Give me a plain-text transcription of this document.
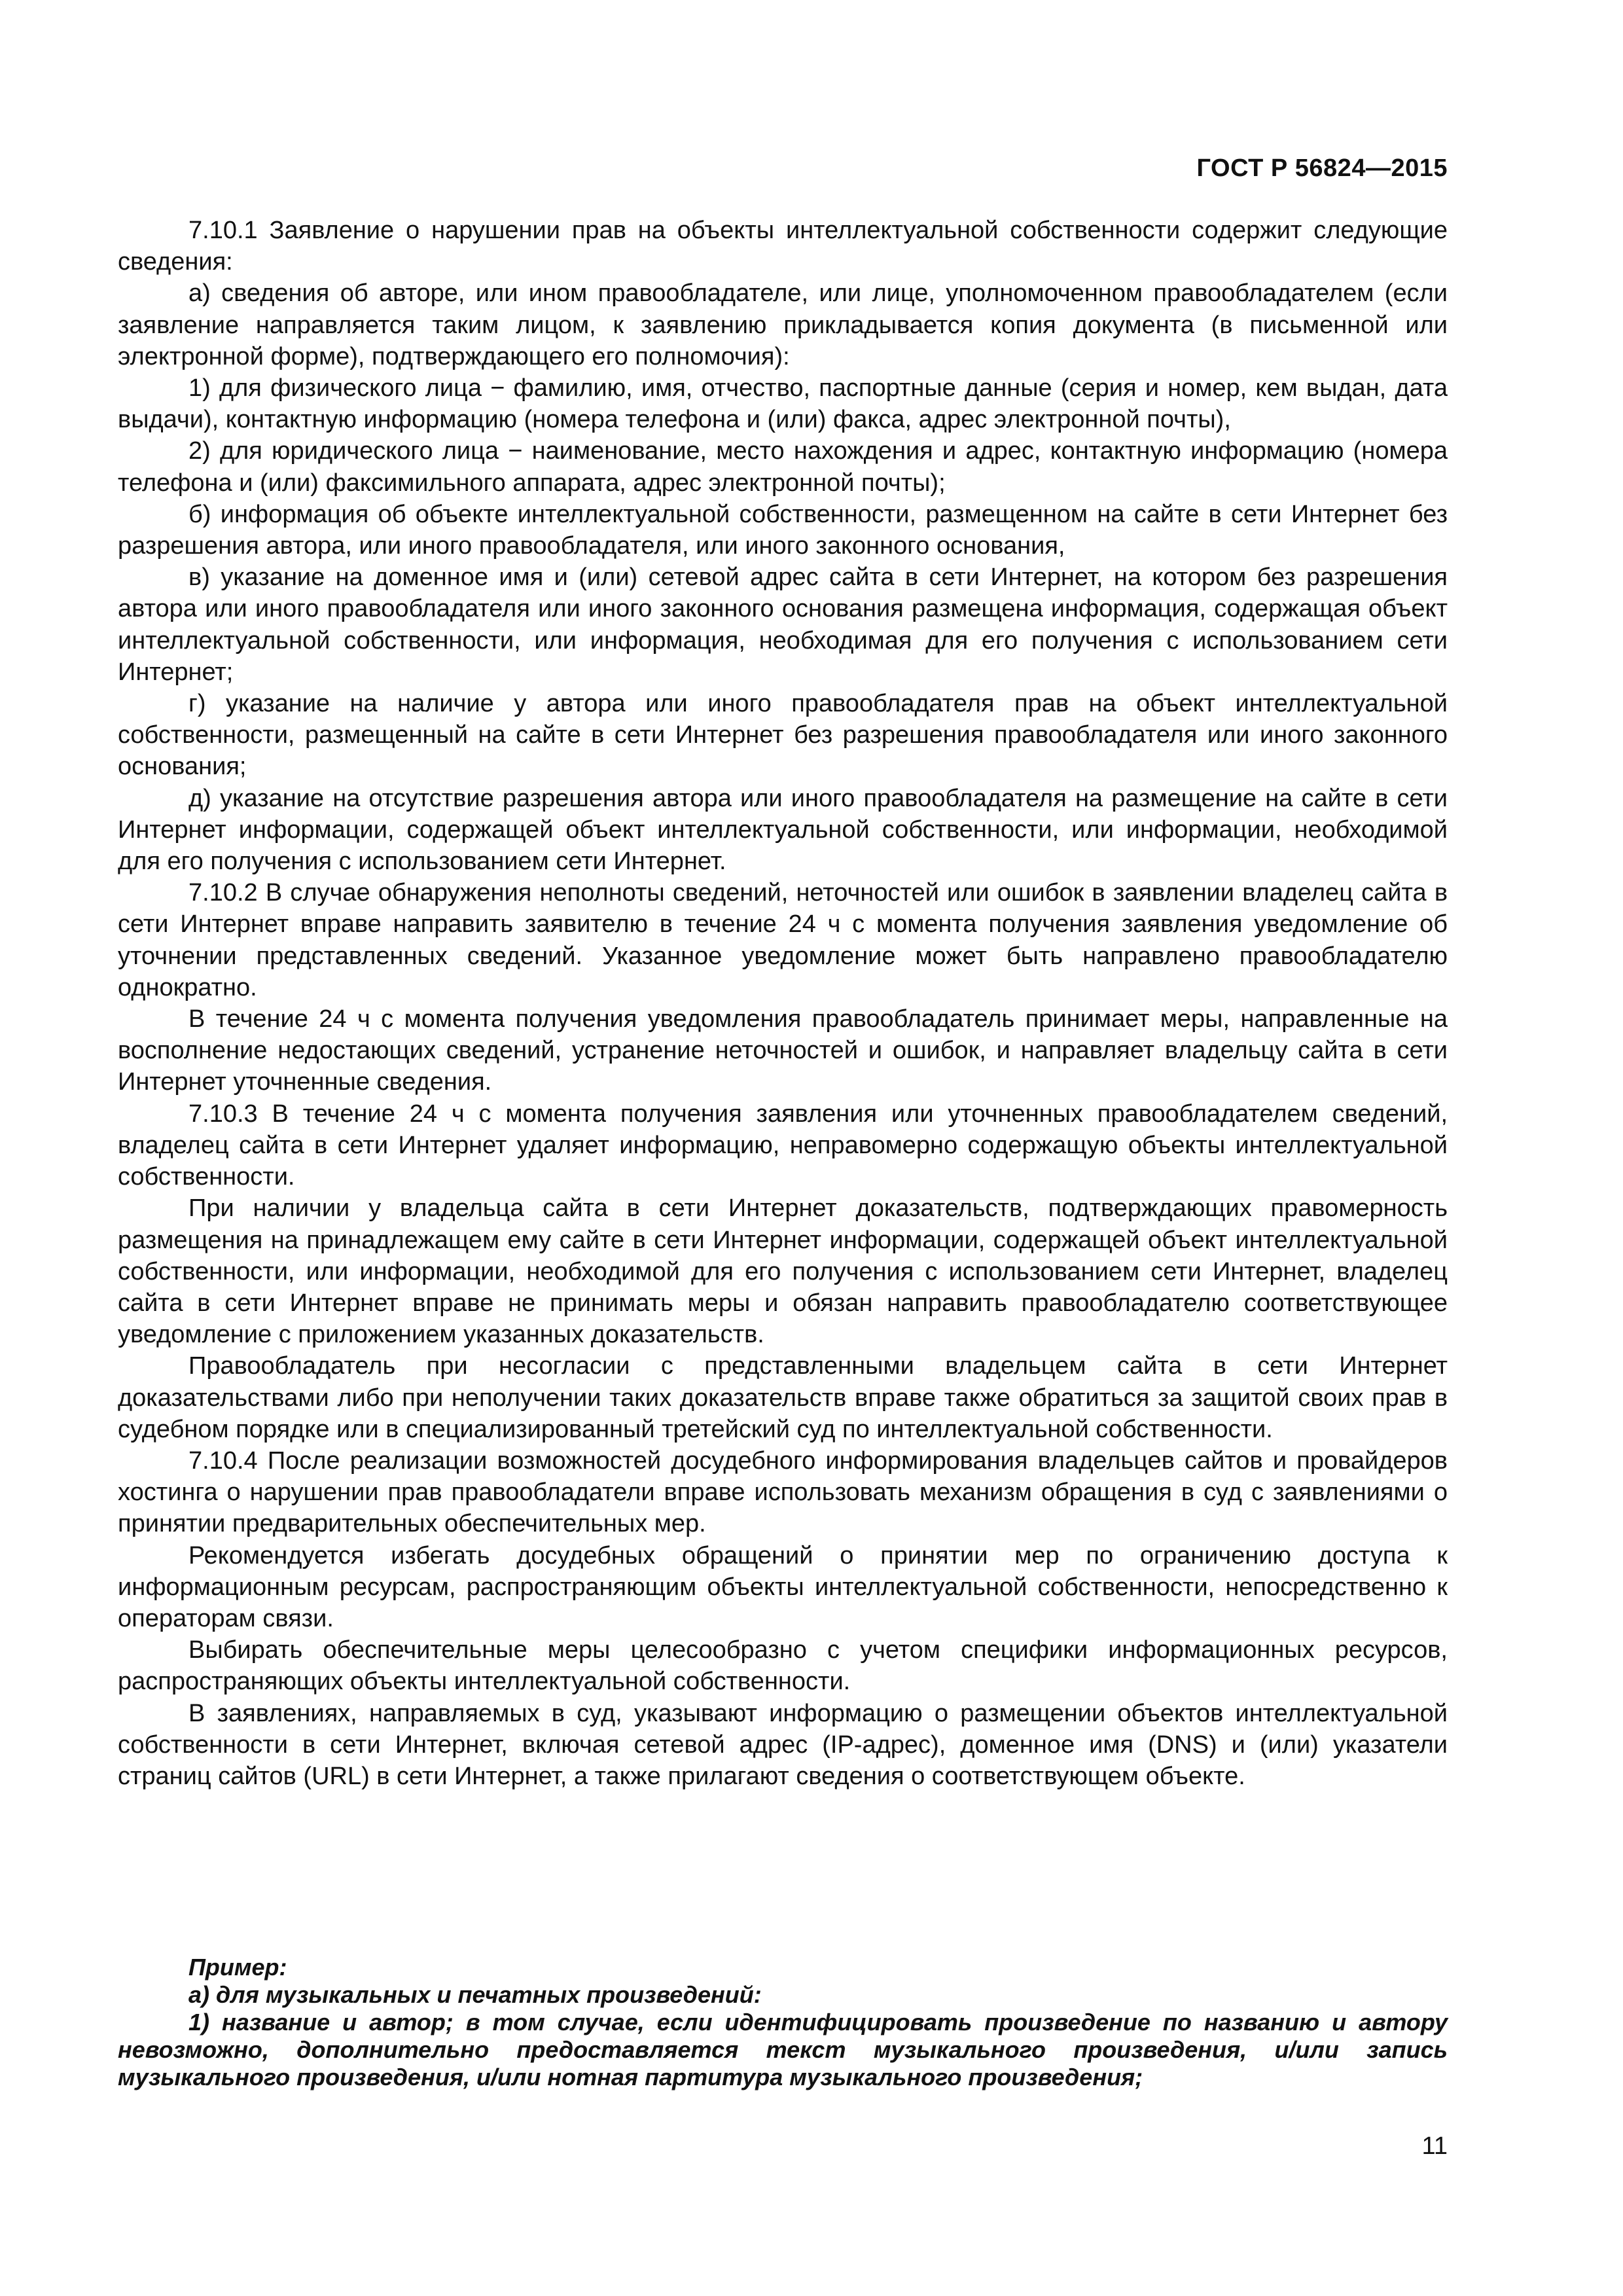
ГОСТ Р 56824—2015

7.10.1 Заявление о нарушении прав на объекты интеллектуальной собственности содержит следующие сведения:

а) сведения об авторе, или ином правообладателе, или лице, уполномоченном правообладателем (если заявление направляется таким лицом, к заявлению прикладывается копия документа (в письменной или электронной форме), подтверждающего его полномочия):

1) для физического лица − фамилию, имя, отчество, паспортные данные (серия и номер, кем выдан, дата выдачи), контактную информацию (номера телефона и (или) факса, адрес электронной почты),

2) для юридического лица − наименование, место нахождения и адрес, контактную информацию (номера телефона и (или) факсимильного аппарата, адрес электронной почты);

б) информация об объекте интеллектуальной собственности, размещенном на сайте в сети Интернет без разрешения автора, или иного правообладателя, или иного законного основания,

в) указание на доменное имя и (или) сетевой адрес сайта в сети Интернет, на котором без разрешения автора или иного правообладателя или иного законного основания размещена информация, содержащая объект интеллектуальной собственности, или информация, необходимая для его получения с использованием сети Интернет;

г) указание на наличие у автора или иного правообладателя прав на объект интеллектуальной собственности, размещенный на сайте в сети Интернет без разрешения правообладателя или иного законного основания;

д) указание на отсутствие разрешения автора или иного правообладателя на размещение на сайте в сети Интернет информации, содержащей объект интеллектуальной собственности, или информации, необходимой для его получения с использованием сети Интернет.

7.10.2 В случае обнаружения неполноты сведений, неточностей или ошибок в заявлении владелец сайта в сети Интернет вправе направить заявителю в течение 24 ч с момента получения заявления уведомление об уточнении представленных сведений. Указанное уведомление может быть направлено правообладателю однократно.

В течение 24 ч с момента получения уведомления правообладатель принимает меры, направленные на восполнение недостающих сведений, устранение неточностей и ошибок, и направляет владельцу сайта в сети Интернет уточненные сведения.

7.10.3 В течение 24 ч с момента получения заявления или уточненных правообладателем сведений, владелец сайта в сети Интернет удаляет информацию, неправомерно содержащую объекты интеллектуальной собственности.

При наличии у владельца сайта в сети Интернет доказательств, подтверждающих правомерность размещения на принадлежащем ему сайте в сети Интернет информации, содержащей объект интеллектуальной собственности, или информации, необходимой для его получения с использованием сети Интернет, владелец сайта в сети Интернет вправе не принимать меры и обязан направить правообладателю соответствующее уведомление с приложением указанных доказательств.

Правообладатель при несогласии с представленными владельцем сайта в сети Интернет доказательствами либо при неполучении таких доказательств вправе также обратиться за защитой своих прав в судебном порядке или в специализированный третейский суд по интеллектуальной собственности.

7.10.4 После реализации возможностей досудебного информирования владельцев сайтов и провайдеров хостинга о нарушении прав правообладатели вправе использовать механизм обращения в суд с заявлениями о принятии предварительных обеспечительных мер.

Рекомендуется избегать досудебных обращений о принятии мер по ограничению доступа к информационным ресурсам, распространяющим объекты интеллектуальной собственности, непосредственно к операторам связи.

Выбирать обеспечительные меры целесообразно с учетом специфики информационных ресурсов, распространяющих объекты интеллектуальной собственности.

В заявлениях, направляемых в суд, указывают информацию о размещении объектов интеллектуальной собственности в сети Интернет, включая сетевой адрес (IP-адрес), доменное имя (DNS) и (или) указатели страниц сайтов (URL) в сети Интернет, а также прилагают сведения о соответствующем объекте.

Пример:

а) для музыкальных и печатных произведений:

1) название и автор; в том случае, если идентифицировать произведение по названию и автору невозможно, дополнительно предоставляется текст музыкального произведения, и/или запись музыкального произведения, и/или нотная партитура музыкального произведения;

11
